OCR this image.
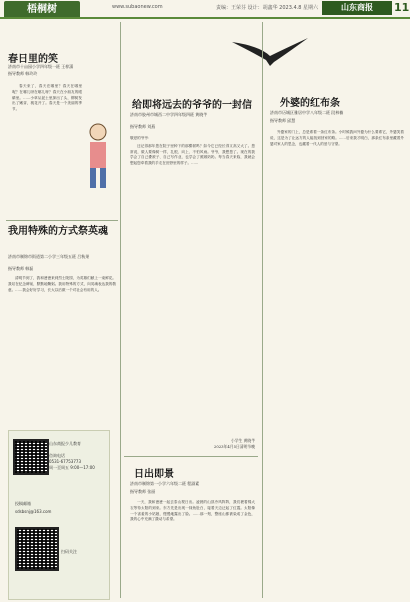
梧桐树	www.subaonew.com	责编：王荣芬 设计：胡鑫华 2023.4.8 星期六	山东商报	11
春日里的笑
济南市十亩园小学四年级一班 王梓潇
指导教师 韩玲玲

春天来了，春天在哪里？春天在哪里呢？在哪儿呀在哪儿呀？春天在小朋友的眼睛里。……小草从泥土里探出了头，柳树发出了嫩芽，桃花开了。春天是一个美丽的季节。

我用特殊的方式祭英魂
济南市制锦市街道第二小学三年级五班 吕秋果
指导教师 韩磊

清明节到了，我和爸爸来到烈士陵园，为英雄们献上一束鲜花。我站在纪念碑前，默默地鞠躬。我用特殊的方式，向英魂表达我的敬意。……我会好好学习，长大以后做一个对社会有用的人。

山东商报少儿教育
咨询电话
0531-67753773
周一至周五 9:00—17:00
投稿邮箱
sdsbsnj@163.com
扫码关注
给即将远去的爷爷的一封信
济南市胶州市城西二中学四年级四班 黄晓芊
指导教师 刘燕

敬爱的爷爷：

还记得那年您在院子里种下的那棵树吗？如今它已经长得又高又大了。您常说，做人要像树一样，扎根、向上、不怕风雨。爷爷，我想您了。现在的我学会了自己叠被子、自己写作业，也学会了照顾奶奶。每当春天来临，我就会想起您牵着我的手走在田野里的样子。……

小学生 黄晓芊
2023年4月5日清明节晚
日出即景
济南市制锦第一小学六年级二班 程淑素
指导教师 张丽

一天，我和爸爸一起去泰山观日出。凌晨的山顶冷风阵阵，我们裹着棉大衣等待太阳的到来。东方先是出现一抹鱼肚白，接着天边泛起了红霞。太阳像一个害羞的小姑娘，慢慢地露出了脸。……那一刻，整座山都被染成了金色，我的心中充满了激动与希望。

外婆的红布条
济南市历城区雅居中学八年级二班 段林楠
指导教师 邱慧

外婆家的门上，总是系着一条红布条。小时候我问外婆为什么要系它，外婆笑着说，这是为了让远方的人能找到回家的路。……后来我才明白，那条红布条里藏着外婆对家人的思念，也藏着一代人的爱与守望。
